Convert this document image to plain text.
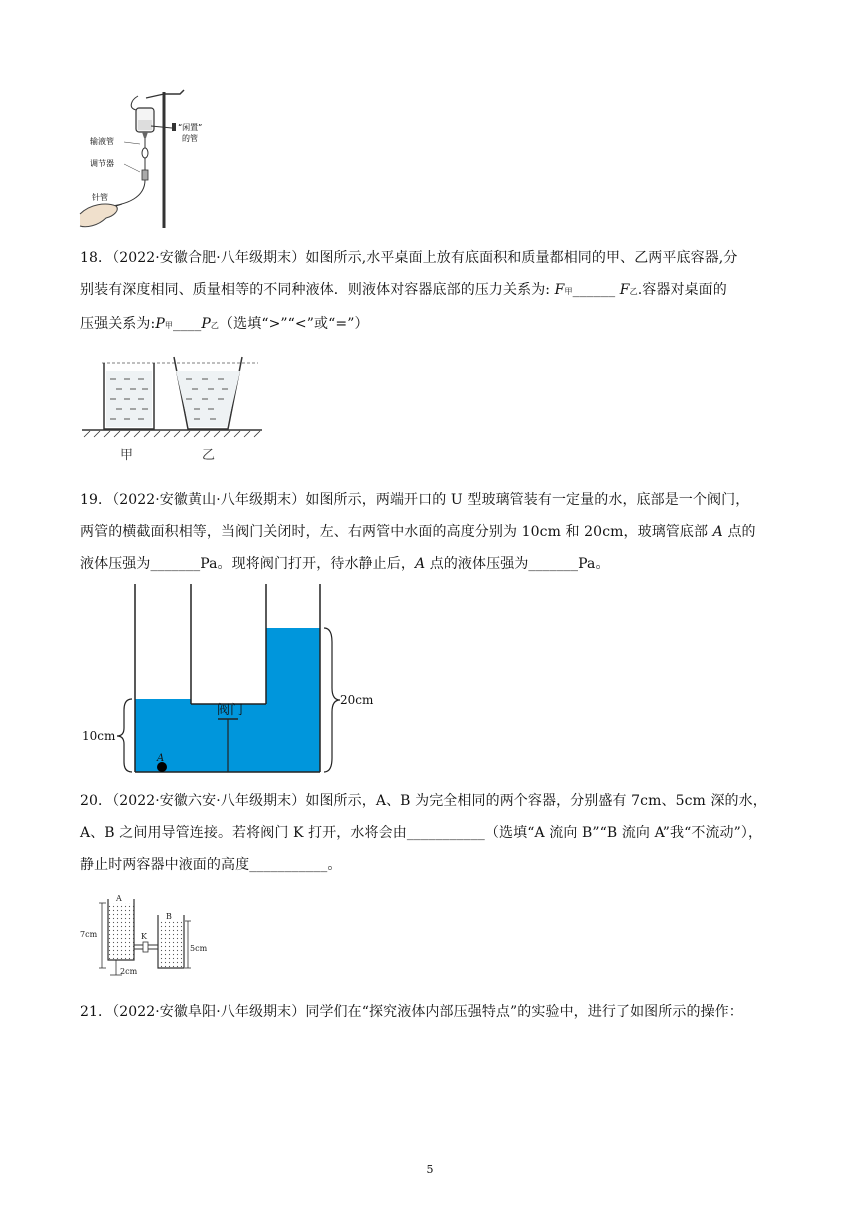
输液管
调节器
针管
“闲置”
的管
18．（2022·安徽合肥·八年级期末）如图所示,水平桌面上放有底面积和质量都相同的甲、乙两平底容器,分
别装有深度相同、质量相等的不同种液体．则液体对容器底部的压力关系为: F甲______ F乙.容器对桌面的
压强关系为:P甲____P乙（选填“>”“<”或“=”）
甲	乙
19．（2022·安徽黄山·八年级期末）如图所示，两端开口的 U 型玻璃管装有一定量的水，底部是一个阀门，
两管的横截面积相等，当阀门关闭时，左、右两管中水面的高度分别为 10cm 和 20cm，玻璃管底部 A 点的
液体压强为_______Pa。现将阀门打开，待水静止后，A 点的液体压强为_______Pa。
阀门
A
20cm
10cm
20．（2022·安徽六安·八年级期末）如图所示，A、B 为完全相同的两个容器，分别盛有 7cm、5cm 深的水，
A、B 之间用导管连接。若将阀门 K 打开，水将会由___________（选填“A 流向 B”“B 流向 A”我“不流动”），
静止时两容器中液面的高度___________。
A
B
K
7cm
5cm
2cm
21．（2022·安徽阜阳·八年级期末）同学们在“探究液体内部压强特点”的实验中，进行了如图所示的操作：
5
